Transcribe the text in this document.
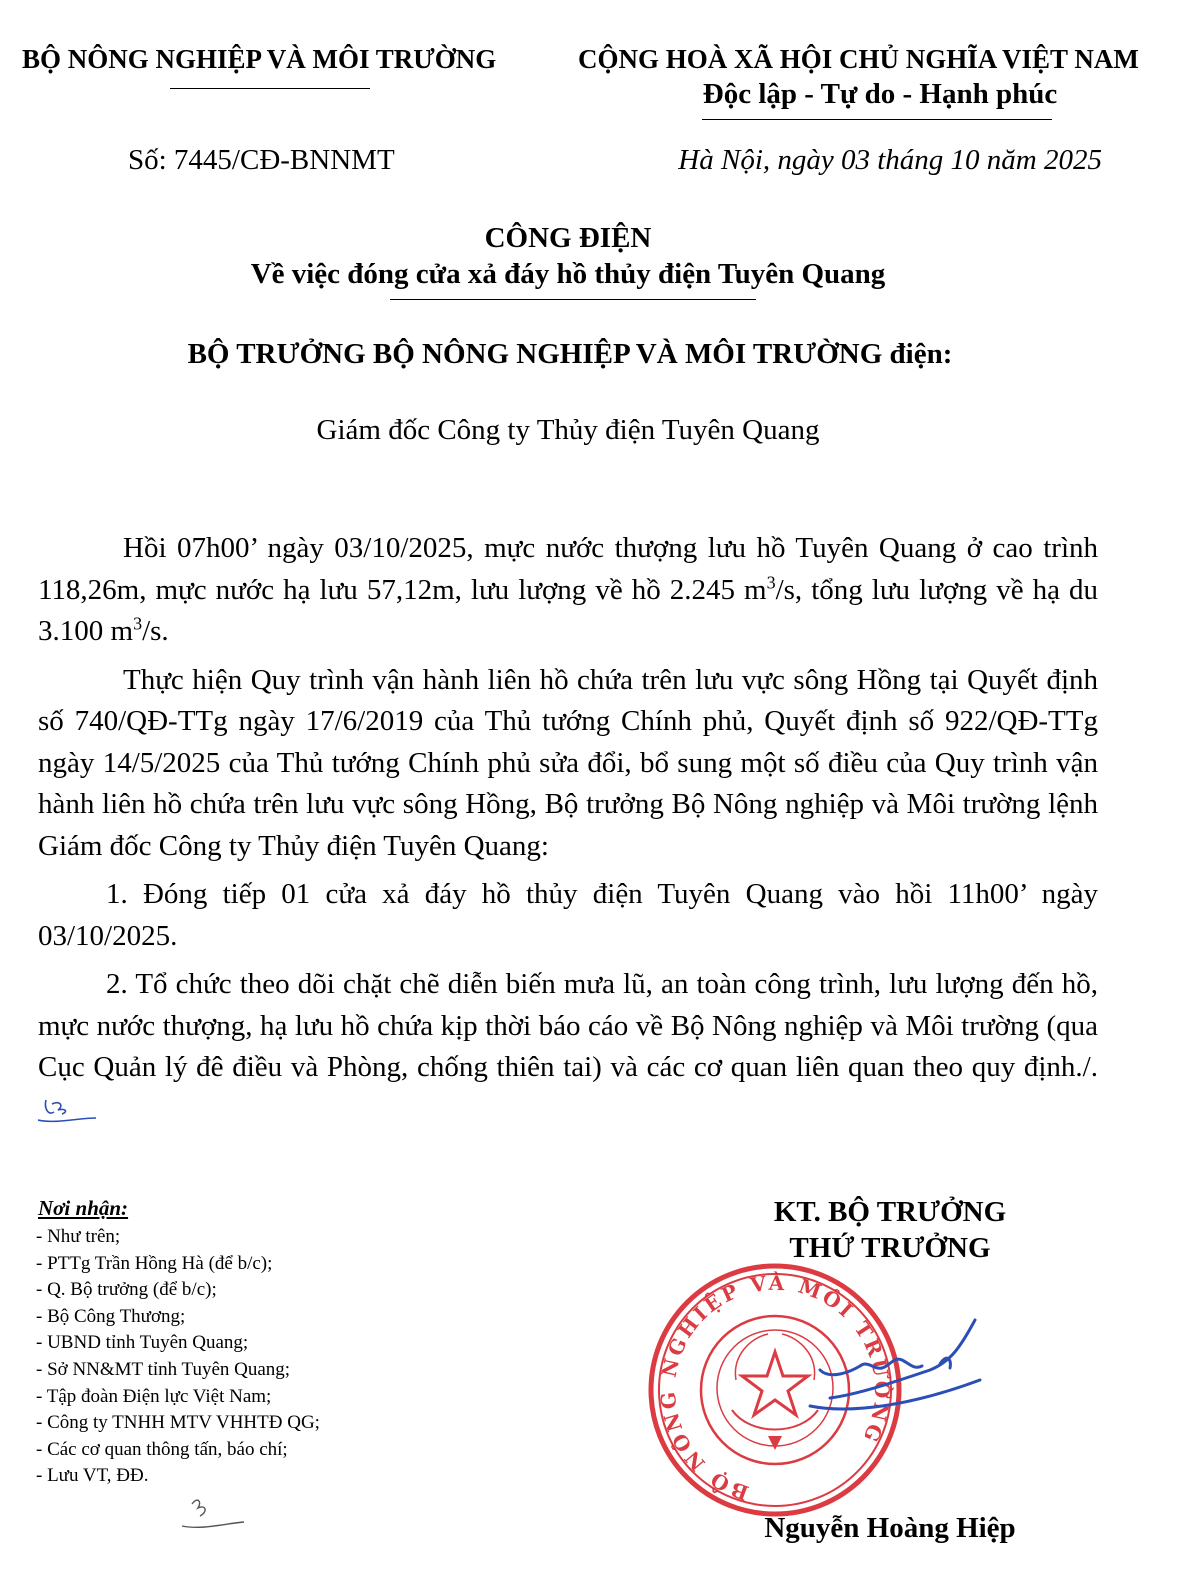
BỘ NÔNG NGHIỆP VÀ MÔI TRƯỜNG	CỘNG HOÀ XÃ HỘI CHỦ NGHĨA VIỆT NAM
Độc lập - Tự do - Hạnh phúc
Số: 7445/CĐ-BNNMT	Hà Nội, ngày 03 tháng 10 năm 2025
CÔNG ĐIỆN
Về việc đóng cửa xả đáy hồ thủy điện Tuyên Quang
BỘ TRƯỞNG BỘ NÔNG NGHIỆP VÀ MÔI TRƯỜNG điện:
Giám đốc Công ty Thủy điện Tuyên Quang

Hồi 07h00’ ngày 03/10/2025, mực nước thượng lưu hồ Tuyên Quang ở cao trình 118,26m, mực nước hạ lưu 57,12m, lưu lượng về hồ 2.245 $m^3/s$, tổng lưu lượng về hạ du 3.100 $m^3/s$.

Thực hiện Quy trình vận hành liên hồ chứa trên lưu vực sông Hồng tại Quyết định số 740/QĐ-TTg ngày 17/6/2019 của Thủ tướng Chính phủ, Quyết định số 922/QĐ-TTg ngày 14/5/2025 của Thủ tướng Chính phủ sửa đổi, bổ sung một số điều của Quy trình vận hành liên hồ chứa trên lưu vực sông Hồng, Bộ trưởng Bộ Nông nghiệp và Môi trường lệnh Giám đốc Công ty Thủy điện Tuyên Quang:

1. Đóng tiếp 01 cửa xả đáy hồ thủy điện Tuyên Quang vào hồi 11h00’ ngày 03/10/2025.

2. Tổ chức theo dõi chặt chẽ diễn biến mưa lũ, an toàn công trình, lưu lượng đến hồ, mực nước thượng, hạ lưu hồ chứa kịp thời báo cáo về Bộ Nông nghiệp và Môi trường (qua Cục Quản lý đê điều và Phòng, chống thiên tai) và các cơ quan liên quan theo quy định./.

Nơi nhận:
- Như trên;
- PTTg Trần Hồng Hà (để b/c);
- Q. Bộ trưởng (để b/c);
- Bộ Công Thương;
- UBND tỉnh Tuyên Quang;
- Sở NN&MT tỉnh Tuyên Quang;
- Tập đoàn Điện lực Việt Nam;
- Công ty TNHH MTV VHHTĐ QG;
- Các cơ quan thông tấn, báo chí;
- Lưu VT, ĐĐ.
KT. BỘ TRƯỞNG
THỨ TRƯỞNG
BỘ NÔNG NGHIỆP VÀ MÔI TRƯỜNG
Nguyễn Hoàng Hiệp
